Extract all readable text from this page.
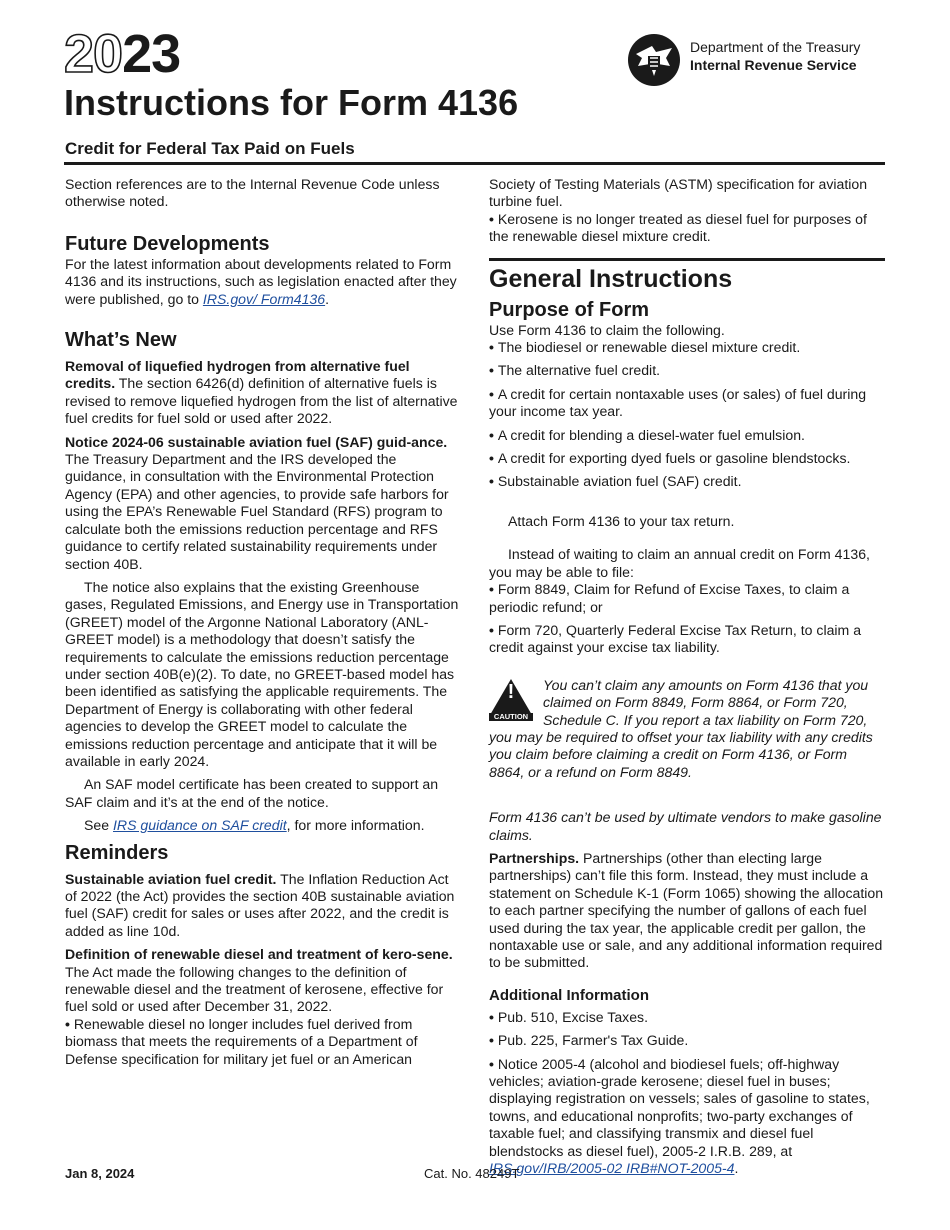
2023
Instructions for Form 4136
Credit for Federal Tax Paid on Fuels
Department of the Treasury
Internal Revenue Service

Section references are to the Internal Revenue Code unless otherwise noted.

Future Developments

For the latest information about developments related to Form 4136 and its instructions, such as legislation enacted after they were published, go to IRS.gov/ Form4136.

What’s New

Removal of liquefied hydrogen from alternative fuel credits. The section 6426(d) definition of alternative fuels is revised to remove liquefied hydrogen from the list of alternative fuel credits for fuel sold or used after 2022.

Notice 2024-06 sustainable aviation fuel (SAF) guid-ance. The Treasury Department and the IRS developed the guidance, in consultation with the Environmental Protection Agency (EPA) and other agencies, to provide safe harbors for using the EPA’s Renewable Fuel Standard (RFS) program to calculate both the emissions reduction percentage and RFS guidance to certify related sustainability requirements under section 40B.

The notice also explains that the existing Greenhouse gases, Regulated Emissions, and Energy use in Transportation (GREET) model of the Argonne National Laboratory (ANL-GREET model) is a methodology that doesn’t satisfy the requirements to calculate the emissions reduction percentage under section 40B(e)(2). To date, no GREET-based model has been identified as satisfying the applicable requirements. The Department of Energy is collaborating with other federal agencies to develop the GREET model to calculate the emissions reduction percentage and anticipate that it will be available in early 2024.

An SAF model certificate has been created to support an SAF claim and it’s at the end of the notice.

See IRS guidance on SAF credit, for more information.

Reminders

Sustainable aviation fuel credit. The Inflation Reduction Act of 2022 (the Act) provides the section 40B sustainable aviation fuel (SAF) credit for sales or uses after 2022, and the credit is added as line 10d.

Definition of renewable diesel and treatment of kero-sene. The Act made the following changes to the definition of renewable diesel and the treatment of kerosene, effective for fuel sold or used after December 31, 2022.

• Renewable diesel no longer includes fuel derived from biomass that meets the requirements of a Department of Defense specification for military jet fuel or an American

Society of Testing Materials (ASTM) specification for aviation turbine fuel.

• Kerosene is no longer treated as diesel fuel for purposes of the renewable diesel mixture credit.

General Instructions
Purpose of Form

Use Form 4136 to claim the following.

• The biodiesel or renewable diesel mixture credit.

• The alternative fuel credit.

• A credit for certain nontaxable uses (or sales) of fuel during your income tax year.

• A credit for blending a diesel-water fuel emulsion.

• A credit for exporting dyed fuels or gasoline blendstocks.

• Substainable aviation fuel (SAF) credit.

Attach Form 4136 to your tax return.

Instead of waiting to claim an annual credit on Form 4136, you may be able to file:

• Form 8849, Claim for Refund of Excise Taxes, to claim a periodic refund; or

• Form 720, Quarterly Federal Excise Tax Return, to claim a credit against your excise tax liability.

!
CAUTION

You can’t claim any amounts on Form 4136 that you claimed on Form 8849, Form 8864, or Form 720, Schedule C. If you report a tax liability on Form 720, you may be required to offset your tax liability with any credits you claim before claiming a credit on Form 4136, or Form 8864, or a refund on Form 8849.

Form 4136 can’t be used by ultimate vendors to make gasoline claims.

Partnerships. Partnerships (other than electing large partnerships) can’t file this form. Instead, they must include a statement on Schedule K-1 (Form 1065) showing the allocation to each partner specifying the number of gallons of each fuel used during the tax year, the applicable credit per gallon, the nontaxable use or sale, and any additional information required to be submitted.

Additional Information

• Pub. 510, Excise Taxes.

• Pub. 225, Farmer's Tax Guide.

• Notice 2005-4 (alcohol and biodiesel fuels; off-highway vehicles; aviation-grade kerosene; diesel fuel in buses; displaying registration on vessels; sales of gasoline to states, towns, and educational nonprofits; two-party exchanges of taxable fuel; and classifying transmix and diesel fuel blendstocks as diesel fuel), 2005-2 I.R.B. 289, at IRS.gov/IRB/2005-02 IRB#NOT-2005-4.

Jan 8, 2024	Cat. No. 48249T
